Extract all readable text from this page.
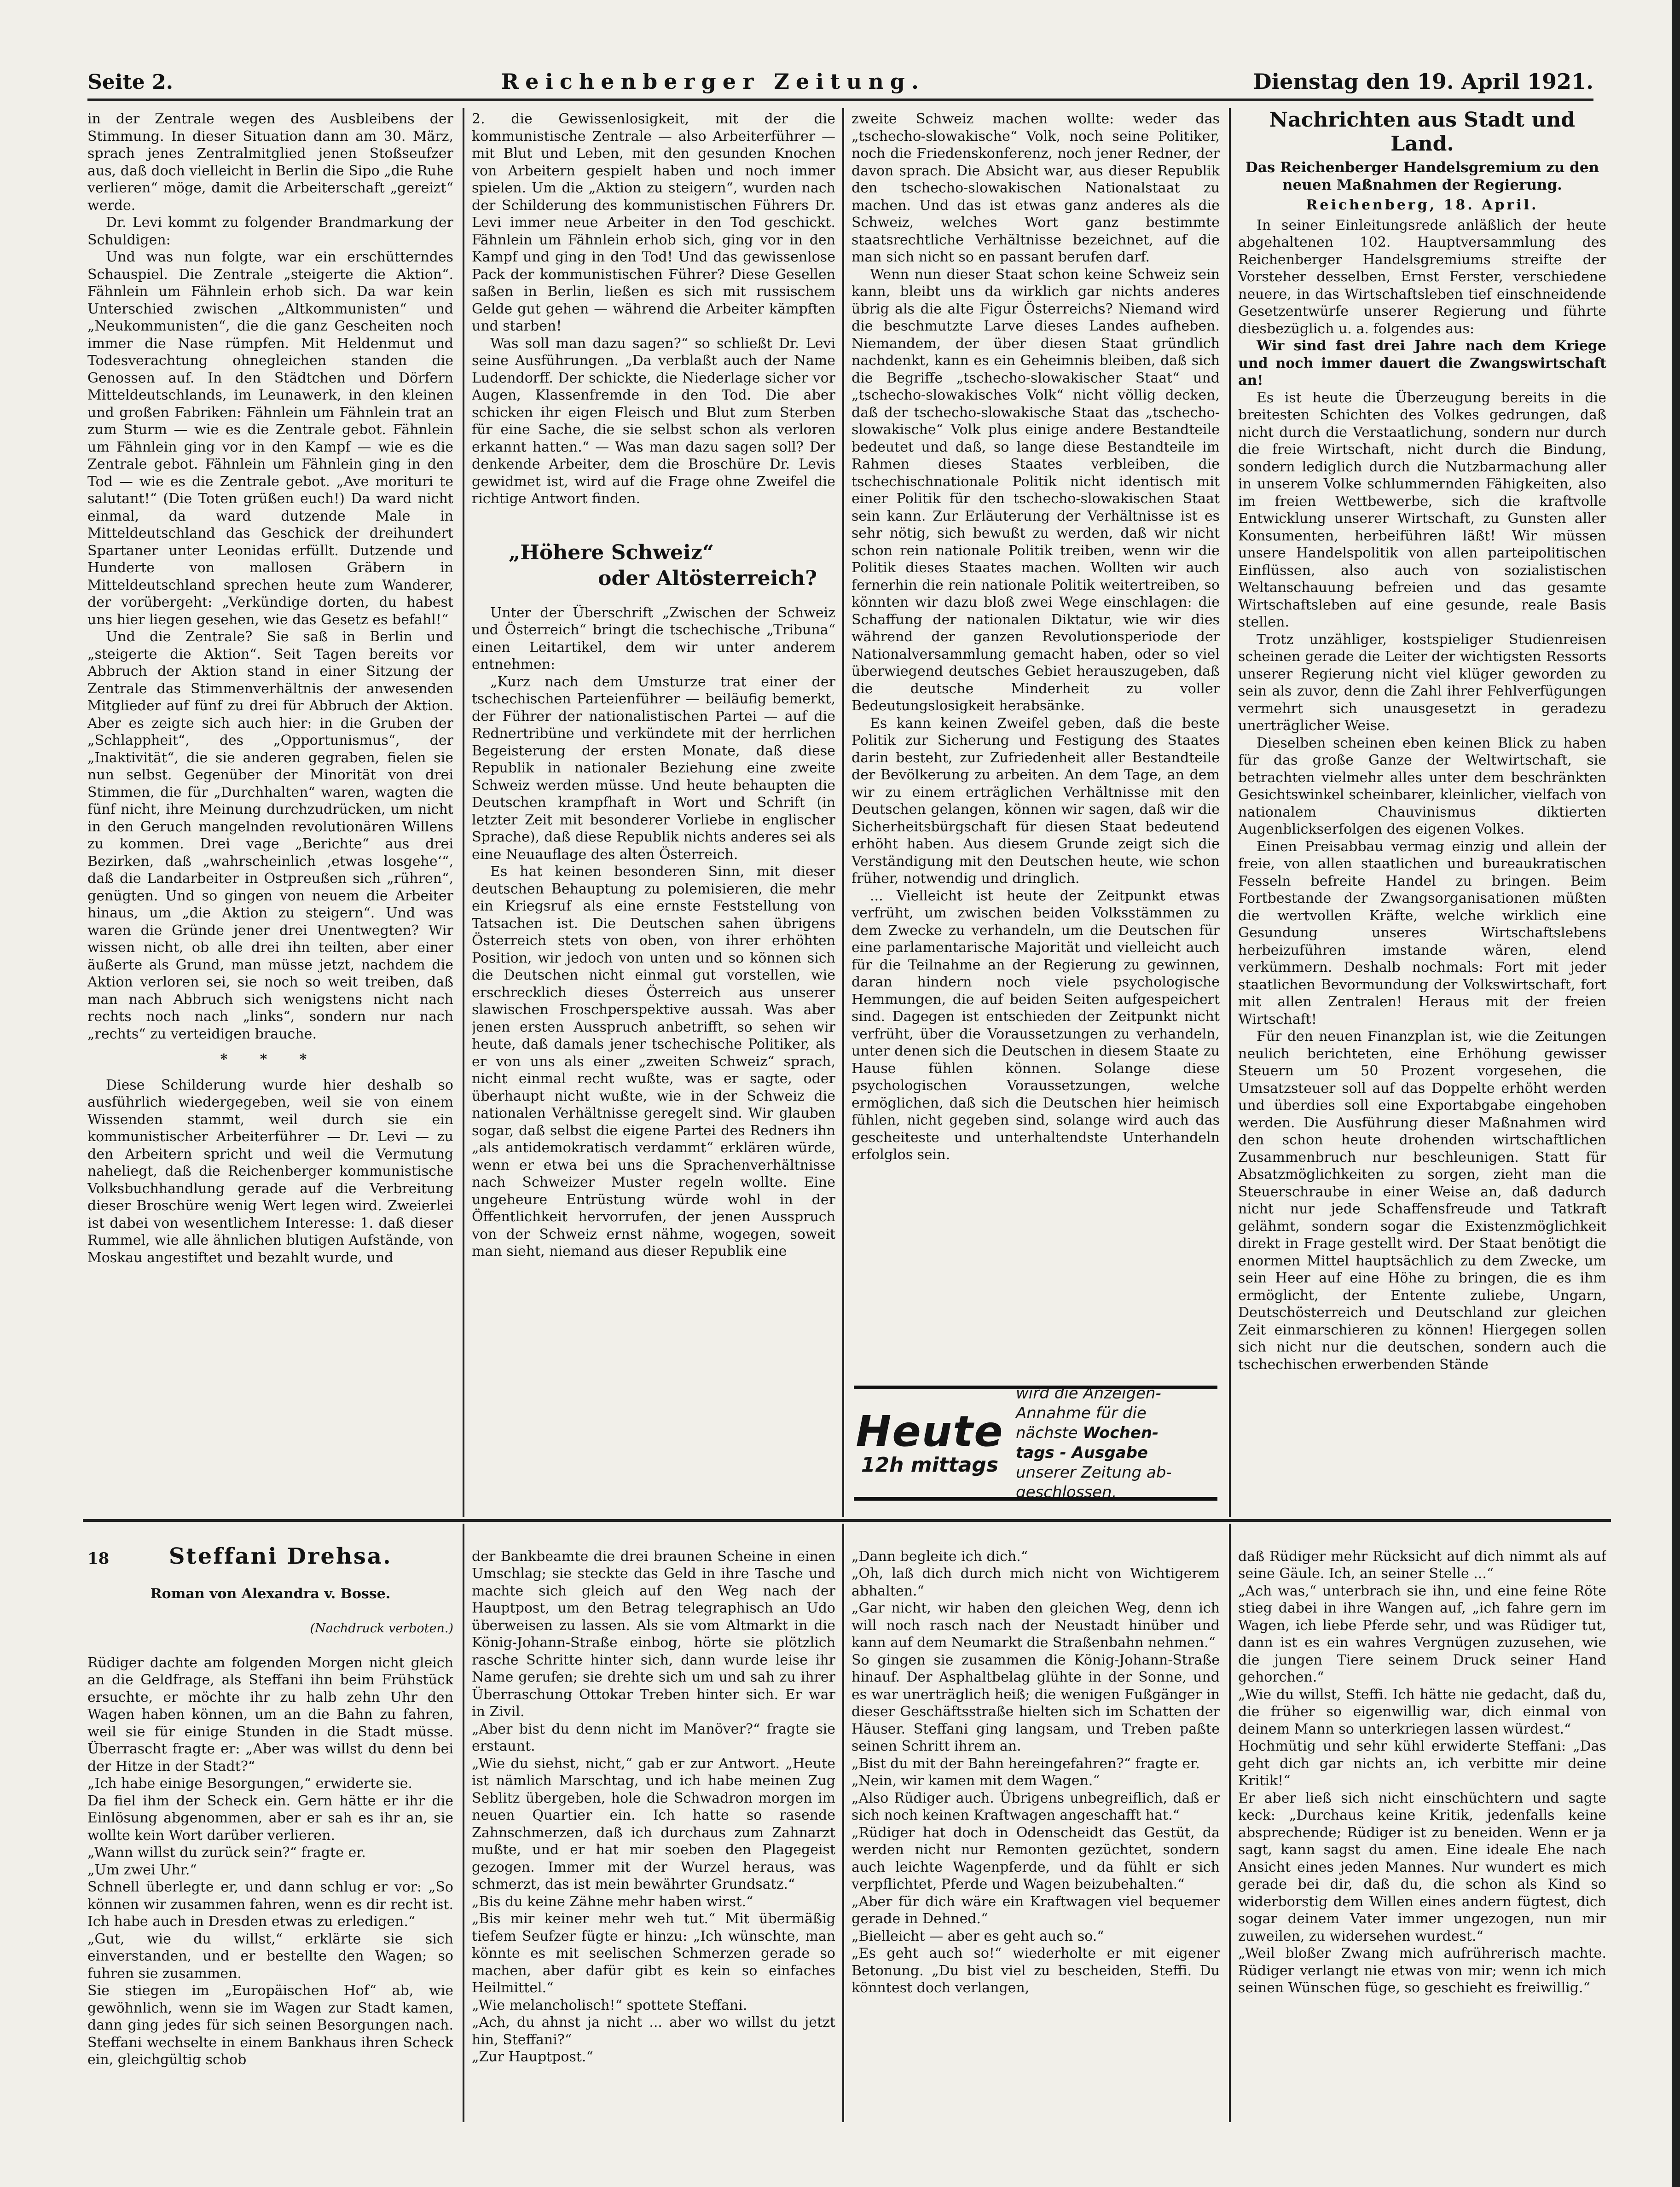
Seite 2.	Reichenberger Zeitung.	Dienstag den 19. April 1921.

in der Zentrale wegen des Ausbleibens der Stimmung. In dieser Situation dann am 30. März, sprach jenes Zentralmitglied jenen Stoßseufzer aus, daß doch vielleicht in Berlin die Sipo „die Ruhe verlieren“ möge, damit die Arbeiterschaft „gereizt“ werde.

Dr. Levi kommt zu folgender Brandmarkung der Schuldigen:

Und was nun folgte, war ein erschütterndes Schauspiel. Die Zentrale „steigerte die Aktion“. Fähnlein um Fähnlein erhob sich. Da war kein Unterschied zwischen „Altkommunisten“ und „Neukommunisten“, die die ganz Gescheiten noch immer die Nase rümpfen. Mit Heldenmut und Todesverachtung ohnegleichen standen die Genossen auf. In den Städtchen und Dörfern Mitteldeutschlands, im Leunawerk, in den kleinen und großen Fabriken: Fähnlein um Fähnlein trat an zum Sturm — wie es die Zentrale gebot. Fähnlein um Fähnlein ging vor in den Kampf — wie es die Zentrale gebot. Fähnlein um Fähnlein ging in den Tod — wie es die Zentrale gebot. „Ave morituri te salutant!“ (Die Toten grüßen euch!) Da ward nicht einmal, da ward dutzende Male in Mitteldeutschland das Geschick der dreihundert Spartaner unter Leonidas erfüllt. Dutzende und Hunderte von mallosen Gräbern in Mitteldeutschland sprechen heute zum Wanderer, der vorübergeht: „Verkündige dorten, du habest uns hier liegen gesehen, wie das Gesetz es befahl!“

Und die Zentrale? Sie saß in Berlin und „steigerte die Aktion“. Seit Tagen bereits vor Abbruch der Aktion stand in einer Sitzung der Zentrale das Stimmenverhältnis der anwesenden Mitglieder auf fünf zu drei für Abbruch der Aktion. Aber es zeigte sich auch hier: in die Gruben der „Schlappheit“, des „Opportunismus“, der „Inaktivität“, die sie anderen gegraben, fielen sie nun selbst. Gegenüber der Minorität von drei Stimmen, die für „Durchhalten“ waren, wagten die fünf nicht, ihre Meinung durchzudrücken, um nicht in den Geruch mangelnden revolutionären Willens zu kommen. Drei vage „Berichte“ aus drei Bezirken, daß „wahrscheinlich ‚etwas losgehe‘“, daß die Landarbeiter in Ostpreußen sich „rühren“, genügten. Und so gingen von neuem die Arbeiter hinaus, um „die Aktion zu steigern“. Und was waren die Gründe jener drei Unentwegten? Wir wissen nicht, ob alle drei ihn teilten, aber einer äußerte als Grund, man müsse jetzt, nachdem die Aktion verloren sei, sie noch so weit treiben, daß man nach Abbruch sich wenigstens nicht nach rechts noch nach „links“, sondern nur nach „rechts“ zu verteidigen brauche.

* * *

Diese Schilderung wurde hier deshalb so ausführlich wiedergegeben, weil sie von einem Wissenden stammt, weil durch sie ein kommunistischer Arbeiterführer — Dr. Levi — zu den Arbeitern spricht und weil die Vermutung naheliegt, daß die Reichenberger kommunistische Volksbuchhandlung gerade auf die Verbreitung dieser Broschüre wenig Wert legen wird. Zweierlei ist dabei von wesentlichem Interesse: 1. daß dieser Rummel, wie alle ähnlichen blutigen Aufstände, von Moskau angestiftet und bezahlt wurde, und

2. die Gewissenlosigkeit, mit der die kommunistische Zentrale — also Arbeiterführer — mit Blut und Leben, mit den gesunden Knochen von Arbeitern gespielt haben und noch immer spielen. Um die „Aktion zu steigern“, wurden nach der Schilderung des kommunistischen Führers Dr. Levi immer neue Arbeiter in den Tod geschickt. Fähnlein um Fähnlein erhob sich, ging vor in den Kampf und ging in den Tod! Und das gewissenlose Pack der kommunistischen Führer? Diese Gesellen saßen in Berlin, ließen es sich mit russischem Gelde gut gehen — während die Arbeiter kämpften und starben!

Was soll man dazu sagen?“ so schließt Dr. Levi seine Ausführungen. „Da verblaßt auch der Name Ludendorff. Der schickte, die Niederlage sicher vor Augen, Klassenfremde in den Tod. Die aber schicken ihr eigen Fleisch und Blut zum Sterben für eine Sache, die sie selbst schon als verloren erkannt hatten.“ — Was man dazu sagen soll? Der denkende Arbeiter, dem die Broschüre Dr. Levis gewidmet ist, wird auf die Frage ohne Zweifel die richtige Antwort finden.

„Höhere Schweiz“

oder Altösterreich?

Unter der Überschrift „Zwischen der Schweiz und Österreich“ bringt die tschechische „Tribuna“ einen Leitartikel, dem wir unter anderem entnehmen:

„Kurz nach dem Umsturze trat einer der tschechischen Parteienführer — beiläufig bemerkt, der Führer der nationalistischen Partei — auf die Rednertribüne und verkündete mit der herrlichen Begeisterung der ersten Monate, daß diese Republik in nationaler Beziehung eine zweite Schweiz werden müsse. Und heute behaupten die Deutschen krampfhaft in Wort und Schrift (in letzter Zeit mit besonderer Vorliebe in englischer Sprache), daß diese Republik nichts anderes sei als eine Neuauflage des alten Österreich.

Es hat keinen besonderen Sinn, mit dieser deutschen Behauptung zu polemisieren, die mehr ein Kriegsruf als eine ernste Feststellung von Tatsachen ist. Die Deutschen sahen übrigens Österreich stets von oben, von ihrer erhöhten Position, wir jedoch von unten und so können sich die Deutschen nicht einmal gut vorstellen, wie erschrecklich dieses Österreich aus unserer slawischen Froschperspektive aussah. Was aber jenen ersten Ausspruch anbetrifft, so sehen wir heute, daß damals jener tschechische Politiker, als er von uns als einer „zweiten Schweiz“ sprach, nicht einmal recht wußte, was er sagte, oder überhaupt nicht wußte, wie in der Schweiz die nationalen Verhältnisse geregelt sind. Wir glauben sogar, daß selbst die eigene Partei des Redners ihn „als antidemokratisch verdammt“ erklären würde, wenn er etwa bei uns die Sprachenverhältnisse nach Schweizer Muster regeln wollte. Eine ungeheure Entrüstung würde wohl in der Öffentlichkeit hervorrufen, der jenen Ausspruch von der Schweiz ernst nähme, wogegen, soweit man sieht, niemand aus dieser Republik eine

zweite Schweiz machen wollte: weder das „tschecho-slowakische“ Volk, noch seine Politiker, noch die Friedenskonferenz, noch jener Redner, der davon sprach. Die Absicht war, aus dieser Republik den tschecho-slowakischen Nationalstaat zu machen. Und das ist etwas ganz anderes als die Schweiz, welches Wort ganz bestimmte staatsrechtliche Verhältnisse bezeichnet, auf die man sich nicht so en passant berufen darf.

Wenn nun dieser Staat schon keine Schweiz sein kann, bleibt uns da wirklich gar nichts anderes übrig als die alte Figur Österreichs? Niemand wird die beschmutzte Larve dieses Landes aufheben. Niemandem, der über diesen Staat gründlich nachdenkt, kann es ein Geheimnis bleiben, daß sich die Begriffe „tschecho-slowakischer Staat“ und „tschecho-slowakisches Volk“ nicht völlig decken, daß der tschecho-slowakische Staat das „tschecho-slowakische“ Volk plus einige andere Bestandteile bedeutet und daß, so lange diese Bestandteile im Rahmen dieses Staates verbleiben, die tschechischnationale Politik nicht identisch mit einer Politik für den tschecho-slowakischen Staat sein kann. Zur Erläuterung der Verhältnisse ist es sehr nötig, sich bewußt zu werden, daß wir nicht schon rein nationale Politik treiben, wenn wir die Politik dieses Staates machen. Wollten wir auch fernerhin die rein nationale Politik weitertreiben, so könnten wir dazu bloß zwei Wege einschlagen: die Schaffung der nationalen Diktatur, wie wir dies während der ganzen Revolutionsperiode der Nationalversammlung gemacht haben, oder so viel überwiegend deutsches Gebiet herauszugeben, daß die deutsche Minderheit zu voller Bedeutungslosigkeit herabsänke.

Es kann keinen Zweifel geben, daß die beste Politik zur Sicherung und Festigung des Staates darin besteht, zur Zufriedenheit aller Bestandteile der Bevölkerung zu arbeiten. An dem Tage, an dem wir zu einem erträglichen Verhältnisse mit den Deutschen gelangen, können wir sagen, daß wir die Sicherheitsbürgschaft für diesen Staat bedeutend erhöht haben. Aus diesem Grunde zeigt sich die Verständigung mit den Deutschen heute, wie schon früher, notwendig und dringlich.

... Vielleicht ist heute der Zeitpunkt etwas verfrüht, um zwischen beiden Volksstämmen zu dem Zwecke zu verhandeln, um die Deutschen für eine parlamentarische Majorität und vielleicht auch für die Teilnahme an der Regierung zu gewinnen, daran hindern noch viele psychologische Hemmungen, die auf beiden Seiten aufgespeichert sind. Dagegen ist entschieden der Zeitpunkt nicht verfrüht, über die Voraussetzungen zu verhandeln, unter denen sich die Deutschen in diesem Staate zu Hause fühlen können. Solange diese psychologischen Voraussetzungen, welche ermöglichen, daß sich die Deutschen hier heimisch fühlen, nicht gegeben sind, solange wird auch das gescheiteste und unterhaltendste Unterhandeln erfolglos sein.

Heute
12h mittags
wird die Anzeigen-
Annahme für die
nächste Wochen-
tags - Ausgabe
unserer Zeitung ab-
geschlossen.
Nachrichten aus Stadt und Land.
Das Reichenberger Handelsgremium zu den neuen Maßnahmen der Regierung.

Reichenberg, 18. April.

In seiner Einleitungsrede anläßlich der heute abgehaltenen 102. Hauptversammlung des Reichenberger Handelsgremiums streifte der Vorsteher desselben, Ernst Ferster, verschiedene neuere, in das Wirtschaftsleben tief einschneidende Gesetzentwürfe unserer Regierung und führte diesbezüglich u. a. folgendes aus:

Wir sind fast drei Jahre nach dem Kriege und noch immer dauert die Zwangswirtschaft an!

Es ist heute die Überzeugung bereits in die breitesten Schichten des Volkes gedrungen, daß nicht durch die Verstaatlichung, sondern nur durch die freie Wirtschaft, nicht durch die Bindung, sondern lediglich durch die Nutzbarmachung aller in unserem Volke schlummernden Fähigkeiten, also im freien Wettbewerbe, sich die kraftvolle Entwicklung unserer Wirtschaft, zu Gunsten aller Konsumenten, herbeiführen läßt! Wir müssen unsere Handelspolitik von allen parteipolitischen Einflüssen, also auch von sozialistischen Weltanschauung befreien und das gesamte Wirtschaftsleben auf eine gesunde, reale Basis stellen.

Trotz unzähliger, kostspieliger Studienreisen scheinen gerade die Leiter der wichtigsten Ressorts unserer Regierung nicht viel klüger geworden zu sein als zuvor, denn die Zahl ihrer Fehlverfügungen vermehrt sich unausgesetzt in geradezu unerträglicher Weise.

Dieselben scheinen eben keinen Blick zu haben für das große Ganze der Weltwirtschaft, sie betrachten vielmehr alles unter dem beschränkten Gesichtswinkel scheinbarer, kleinlicher, vielfach von nationalem Chauvinismus diktierten Augenblickserfolgen des eigenen Volkes.

Einen Preisabbau vermag einzig und allein der freie, von allen staatlichen und bureaukratischen Fesseln befreite Handel zu bringen. Beim Fortbestande der Zwangsorganisationen müßten die wertvollen Kräfte, welche wirklich eine Gesundung unseres Wirtschaftslebens herbeizuführen imstande wären, elend verkümmern. Deshalb nochmals: Fort mit jeder staatlichen Bevormundung der Volkswirtschaft, fort mit allen Zentralen! Heraus mit der freien Wirtschaft!

Für den neuen Finanzplan ist, wie die Zeitungen neulich berichteten, eine Erhöhung gewisser Steuern um 50 Prozent vorgesehen, die Umsatzsteuer soll auf das Doppelte erhöht werden und überdies soll eine Exportabgabe eingehoben werden. Die Ausführung dieser Maßnahmen wird den schon heute drohenden wirtschaftlichen Zusammenbruch nur beschleunigen. Statt für Absatzmöglichkeiten zu sorgen, zieht man die Steuerschraube in einer Weise an, daß dadurch nicht nur jede Schaffensfreude und Tatkraft gelähmt, sondern sogar die Existenzmöglichkeit direkt in Frage gestellt wird. Der Staat benötigt die enormen Mittel hauptsächlich zu dem Zwecke, um sein Heer auf eine Höhe zu bringen, die es ihm ermöglicht, der Entente zuliebe, Ungarn, Deutschösterreich und Deutschland zur gleichen Zeit einmarschieren zu können! Hiergegen sollen sich nicht nur die deutschen, sondern auch die tschechischen erwerbenden Stände

18	Steffani Drehsa.

Roman von Alexandra v. Bosse.

(Nachdruck verboten.)

Rüdiger dachte am folgenden Morgen nicht gleich an die Geldfrage, als Steffani ihn beim Frühstück ersuchte, er möchte ihr zu halb zehn Uhr den Wagen haben können, um an die Bahn zu fahren, weil sie für einige Stunden in die Stadt müsse. Überrascht fragte er: „Aber was willst du denn bei der Hitze in der Stadt?“
„Ich habe einige Besorgungen,“ erwiderte sie.
Da fiel ihm der Scheck ein. Gern hätte er ihr die Einlösung abgenommen, aber er sah es ihr an, sie wollte kein Wort darüber verlieren.
„Wann willst du zurück sein?“ fragte er.
„Um zwei Uhr.“
Schnell überlegte er, und dann schlug er vor: „So können wir zusammen fahren, wenn es dir recht ist. Ich habe auch in Dresden etwas zu erledigen.“
„Gut, wie du willst,“ erklärte sie sich einverstanden, und er bestellte den Wagen; so fuhren sie zusammen.
Sie stiegen im „Europäischen Hof“ ab, wie gewöhnlich, wenn sie im Wagen zur Stadt kamen, dann ging jedes für sich seinen Besorgungen nach. Steffani wechselte in einem Bankhaus ihren Scheck ein, gleichgültig schob

der Bankbeamte die drei braunen Scheine in einen Umschlag; sie steckte das Geld in ihre Tasche und machte sich gleich auf den Weg nach der Hauptpost, um den Betrag telegraphisch an Udo überweisen zu lassen. Als sie vom Altmarkt in die König-Johann-Straße einbog, hörte sie plötzlich rasche Schritte hinter sich, dann wurde leise ihr Name gerufen; sie drehte sich um und sah zu ihrer Überraschung Ottokar Treben hinter sich. Er war in Zivil.
„Aber bist du denn nicht im Manöver?“ fragte sie erstaunt.
„Wie du siehst, nicht,“ gab er zur Antwort. „Heute ist nämlich Marschtag, und ich habe meinen Zug Seblitz übergeben, hole die Schwadron morgen im neuen Quartier ein. Ich hatte so rasende Zahnschmerzen, daß ich durchaus zum Zahnarzt mußte, und er hat mir soeben den Plagegeist gezogen. Immer mit der Wurzel heraus, was schmerzt, das ist mein bewährter Grundsatz.“
„Bis du keine Zähne mehr haben wirst.“
„Bis mir keiner mehr weh tut.“ Mit übermäßig tiefem Seufzer fügte er hinzu: „Ich wünschte, man könnte es mit seelischen Schmerzen gerade so machen, aber dafür gibt es kein so einfaches Heilmittel.“
„Wie melancholisch!“ spottete Steffani.
„Ach, du ahnst ja nicht ... aber wo willst du jetzt hin, Steffani?“
„Zur Hauptpost.“

„Dann begleite ich dich.“
„Oh, laß dich durch mich nicht von Wichtigerem abhalten.“
„Gar nicht, wir haben den gleichen Weg, denn ich will noch rasch nach der Neustadt hinüber und kann auf dem Neumarkt die Straßenbahn nehmen.“
So gingen sie zusammen die König-Johann-Straße hinauf. Der Asphaltbelag glühte in der Sonne, und es war unerträglich heiß; die wenigen Fußgänger in dieser Geschäftsstraße hielten sich im Schatten der Häuser. Steffani ging langsam, und Treben paßte seinen Schritt ihrem an.
„Bist du mit der Bahn hereingefahren?“ fragte er.
„Nein, wir kamen mit dem Wagen.“
„Also Rüdiger auch. Übrigens unbegreiflich, daß er sich noch keinen Kraftwagen angeschafft hat.“
„Rüdiger hat doch in Odenscheidt das Gestüt, da werden nicht nur Remonten gezüchtet, sondern auch leichte Wagenpferde, und da fühlt er sich verpflichtet, Pferde und Wagen beizubehalten.“
„Aber für dich wäre ein Kraftwagen viel bequemer gerade in Dehned.“
„Bielleicht — aber es geht auch so.“
„Es geht auch so!“ wiederholte er mit eigener Betonung. „Du bist viel zu bescheiden, Steffi. Du könntest doch verlangen,

daß Rüdiger mehr Rücksicht auf dich nimmt als auf seine Gäule. Ich, an seiner Stelle ...“
„Ach was,“ unterbrach sie ihn, und eine feine Röte stieg dabei in ihre Wangen auf, „ich fahre gern im Wagen, ich liebe Pferde sehr, und was Rüdiger tut, dann ist es ein wahres Vergnügen zuzusehen, wie die jungen Tiere seinem Druck seiner Hand gehorchen.“
„Wie du willst, Steffi. Ich hätte nie gedacht, daß du, die früher so eigenwillig war, dich einmal von deinem Mann so unterkriegen lassen würdest.“
Hochmütig und sehr kühl erwiderte Steffani: „Das geht dich gar nichts an, ich verbitte mir deine Kritik!“
Er aber ließ sich nicht einschüchtern und sagte keck: „Durchaus keine Kritik, jedenfalls keine absprechende; Rüdiger ist zu beneiden. Wenn er ja sagt, kann sagst du amen. Eine ideale Ehe nach Ansicht eines jeden Mannes. Nur wundert es mich gerade bei dir, daß du, die schon als Kind so widerborstig dem Willen eines andern fügtest, dich sogar deinem Vater immer ungezogen, nun mir zuweilen, zu widersehen wurdest.“
„Weil bloßer Zwang mich aufrührerisch machte. Rüdiger verlangt nie etwas von mir; wenn ich mich seinen Wünschen füge, so geschieht es freiwillig.“
